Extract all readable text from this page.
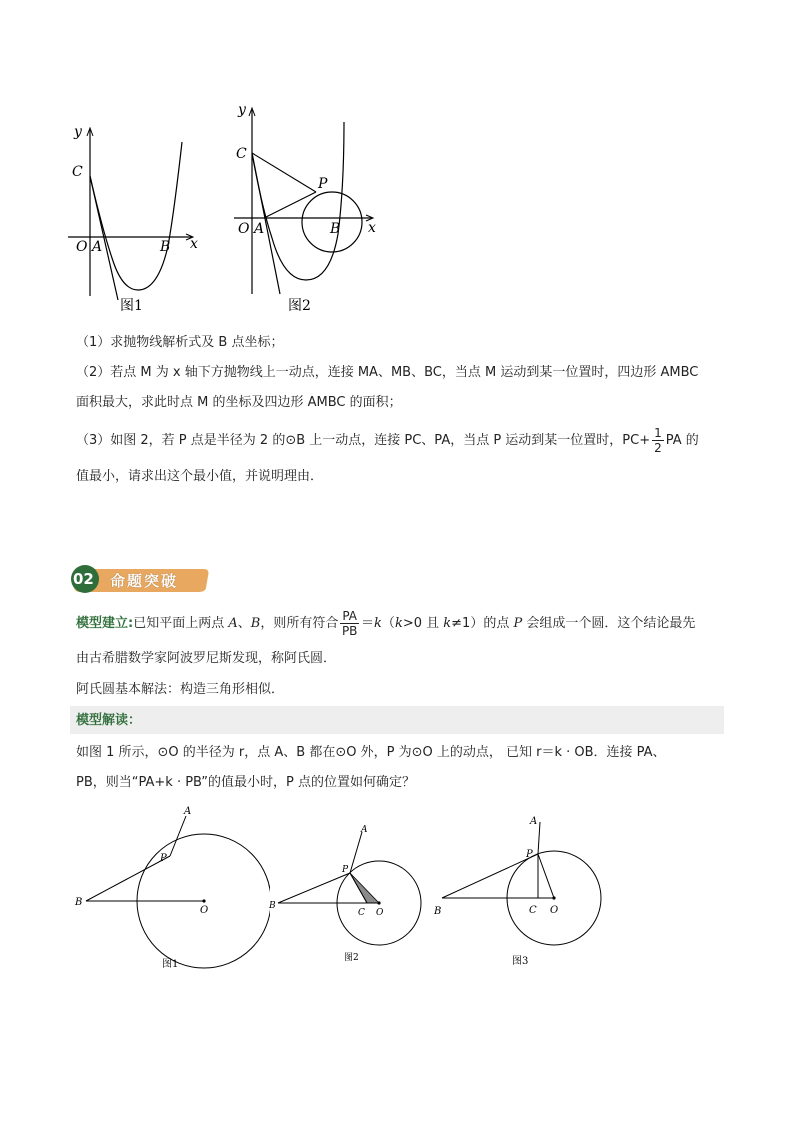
y
C
O A	B x
图1
y
C
P
O A	B x
图2
（1）求抛物线解析式及 B 点坐标；
（2）若点 M 为 x 轴下方抛物线上一动点，连接 MA、MB、BC，当点 M 运动到某一位置时，四边形 AMBC
面积最大，求此时点 M 的坐标及四边形 AMBC 的面积；
（3）如图 2，若 P 点是半径为 2 的⊙B 上一动点，连接 PC、PA，当点 P 运动到某一位置时，$PC+ \frac{1}{2}$ PA 的
值最小，请求出这个最小值，并说明理由．
02 命题突破
模型建立:已知平面上两点 A、B，则所有符合 $\frac{PA}{PB} =k(k>0$ 且 k≠1）的点 P 会组成一个圆．这个结论最先
由古希腊数学家阿波罗尼斯发现，称阿氏圆．
阿氏圆基本解法：构造三角形相似．
模型解读：
如图 1 所示，⊙O 的半径为 r，点 A、B 都在⊙O 外，P 为⊙O 上的动点， 已知 r＝k · OB．连接 PA、
PB，则当“PA+k · PB”的值最小时，P 点的位置如何确定？
A
P
B
O
图1
A
P
B
C O
图2
A
P
B	C O
图3
